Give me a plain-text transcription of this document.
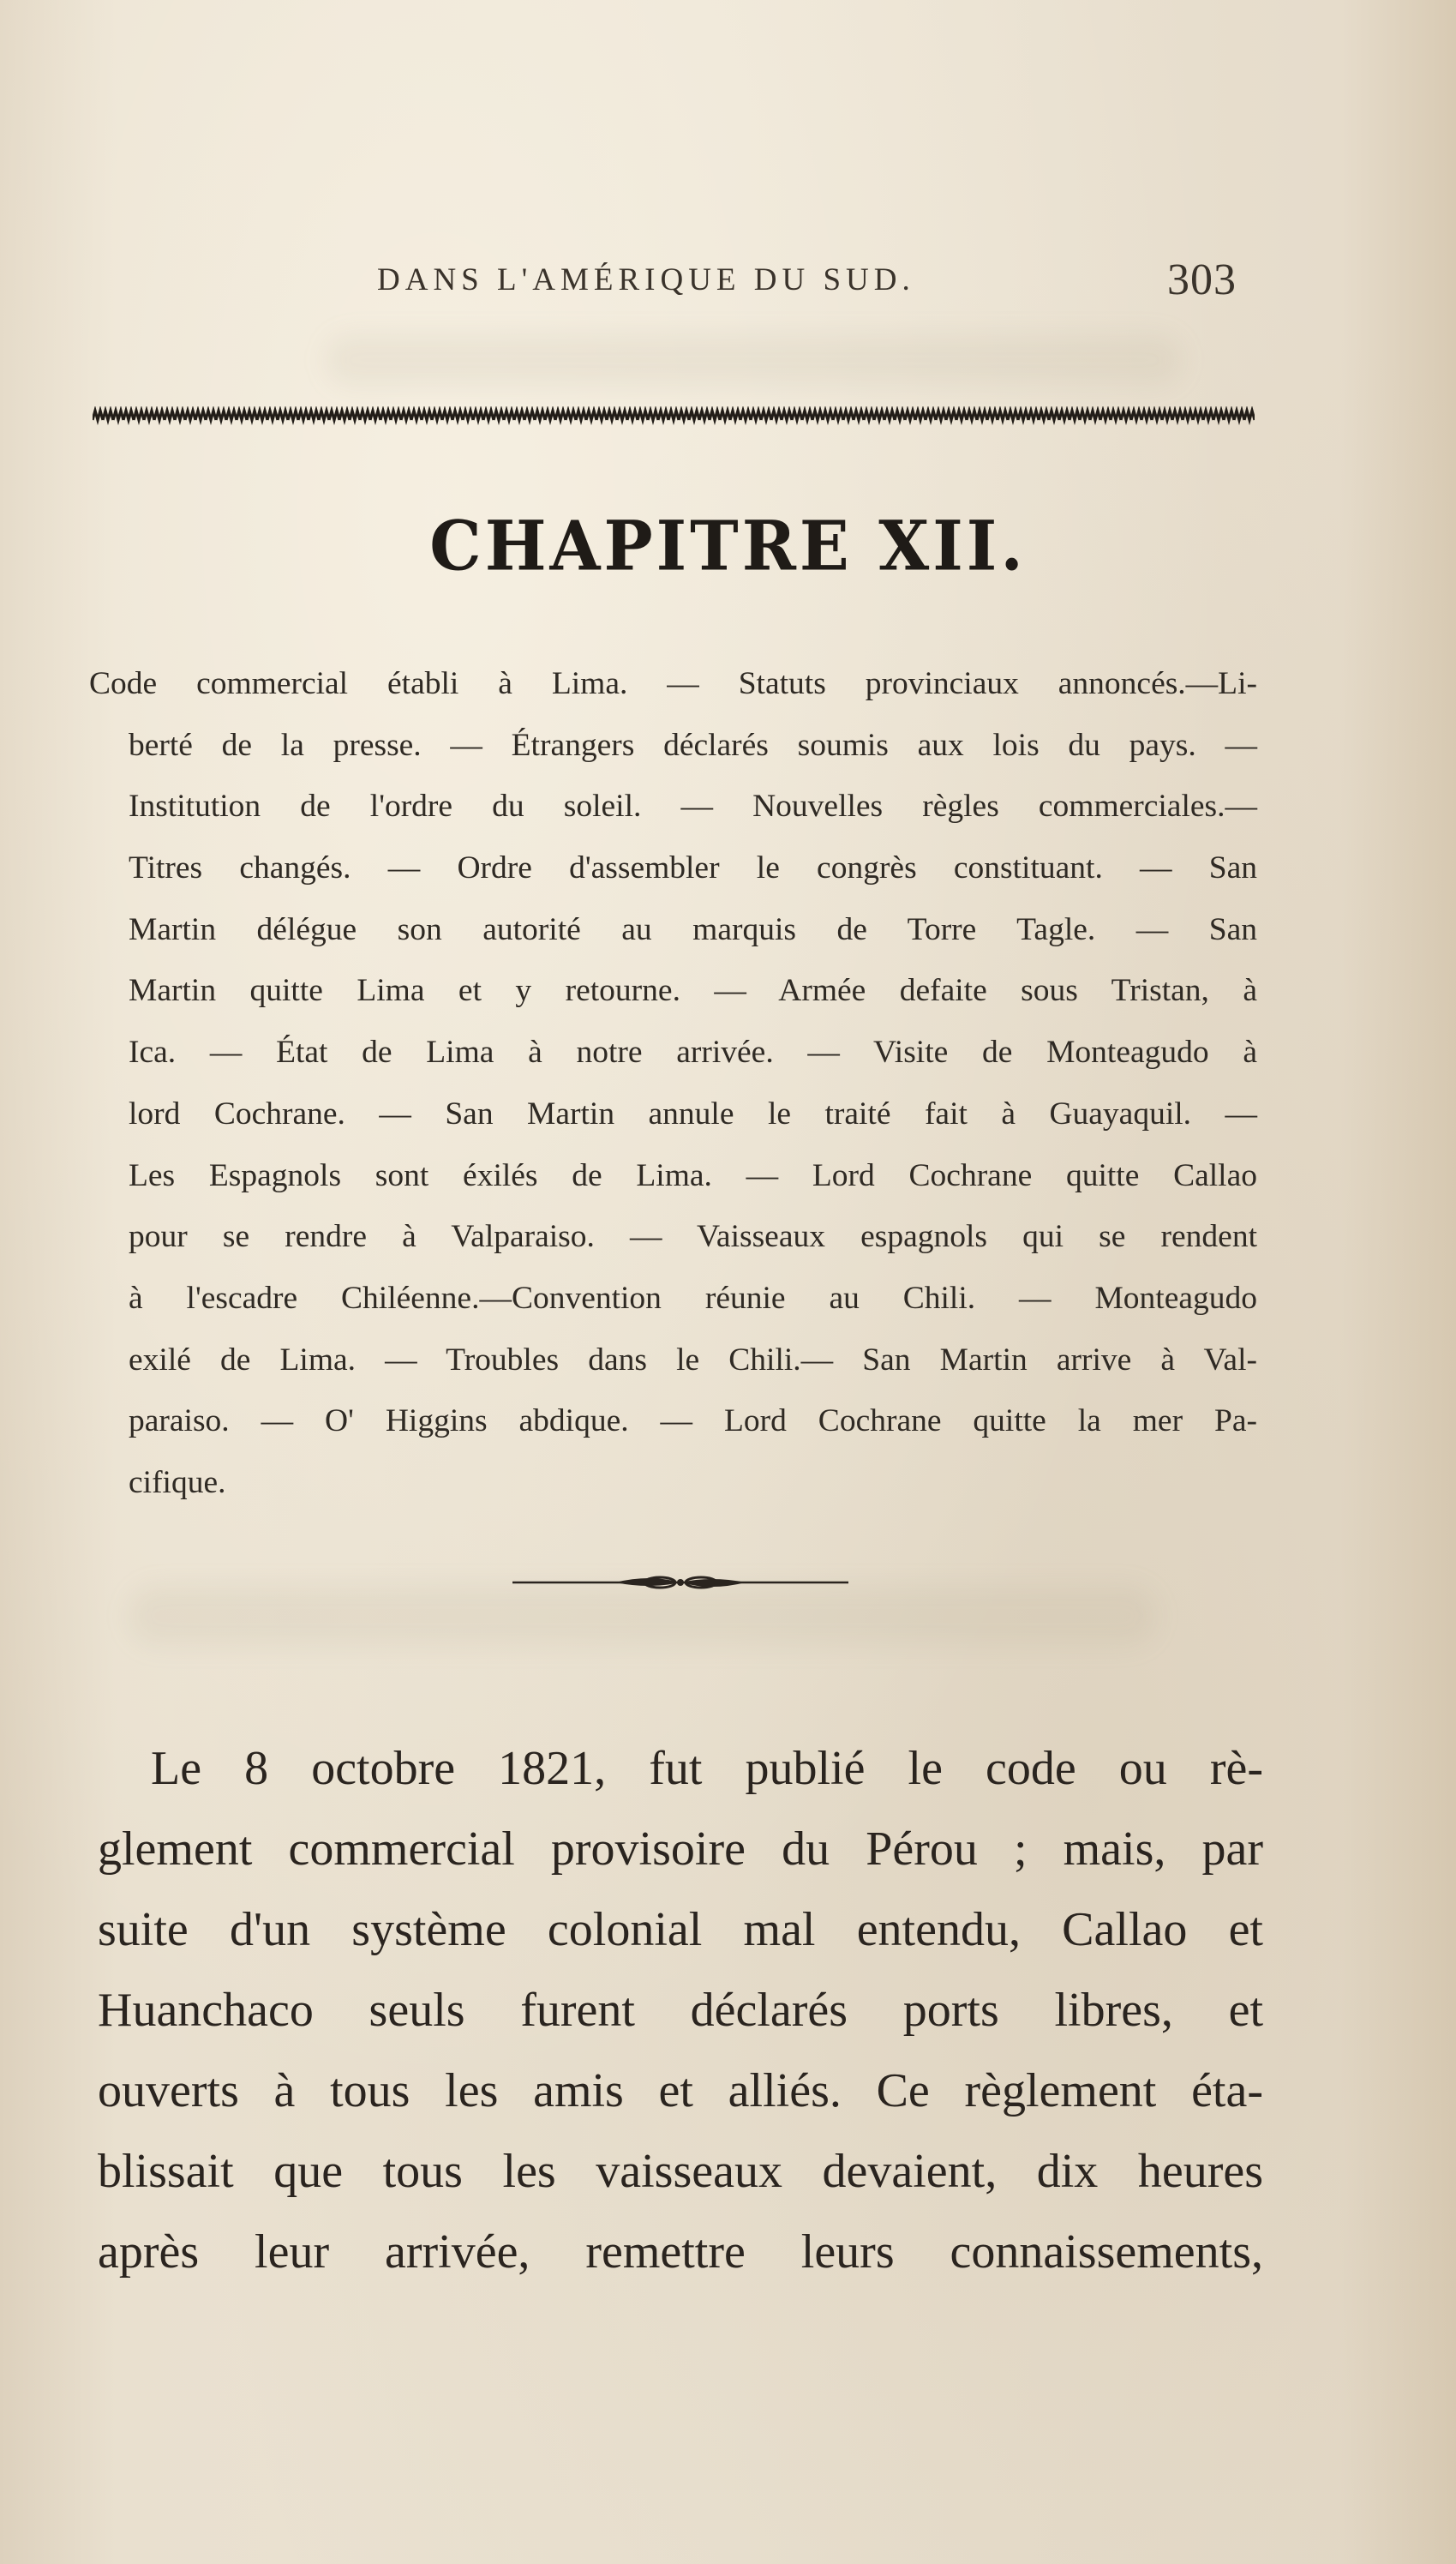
DANS L'AMÉRIQUE DU SUD.	303
CHAPITRE XII.
Code commercial établi à Lima. — Statuts provinciaux annoncés.—Li-
berté de la presse. — Étrangers déclarés soumis aux lois du pays. —
Institution de l'ordre du soleil. — Nouvelles règles commerciales.—
Titres changés. — Ordre d'assembler le congrès constituant. — San
Martin délégue son autorité au marquis de Torre Tagle. — San
Martin quitte Lima et y retourne. — Armée defaite sous Tristan, à
Ica. — État de Lima à notre arrivée. — Visite de Monteagudo à
lord Cochrane. — San Martin annule le traité fait à Guayaquil. —
Les Espagnols sont éxilés de Lima. — Lord Cochrane quitte Callao
pour se rendre à Valparaiso. — Vaisseaux espagnols qui se rendent
à l'escadre Chiléenne.—Convention réunie au Chili. — Monteagudo
exilé de Lima. — Troubles dans le Chili.— San Martin arrive à Val-
paraiso. — O' Higgins abdique. — Lord Cochrane quitte la mer Pa-
cifique.
Le 8 octobre 1821, fut publié le code ou rè-
glement commercial provisoire du Pérou ; mais, par
suite d'un système colonial mal entendu, Callao et
Huanchaco seuls furent déclarés ports libres, et
ouverts à tous les amis et alliés. Ce règlement éta-
blissait que tous les vaisseaux devaient, dix heures
après leur arrivée, remettre leurs connaissements,
